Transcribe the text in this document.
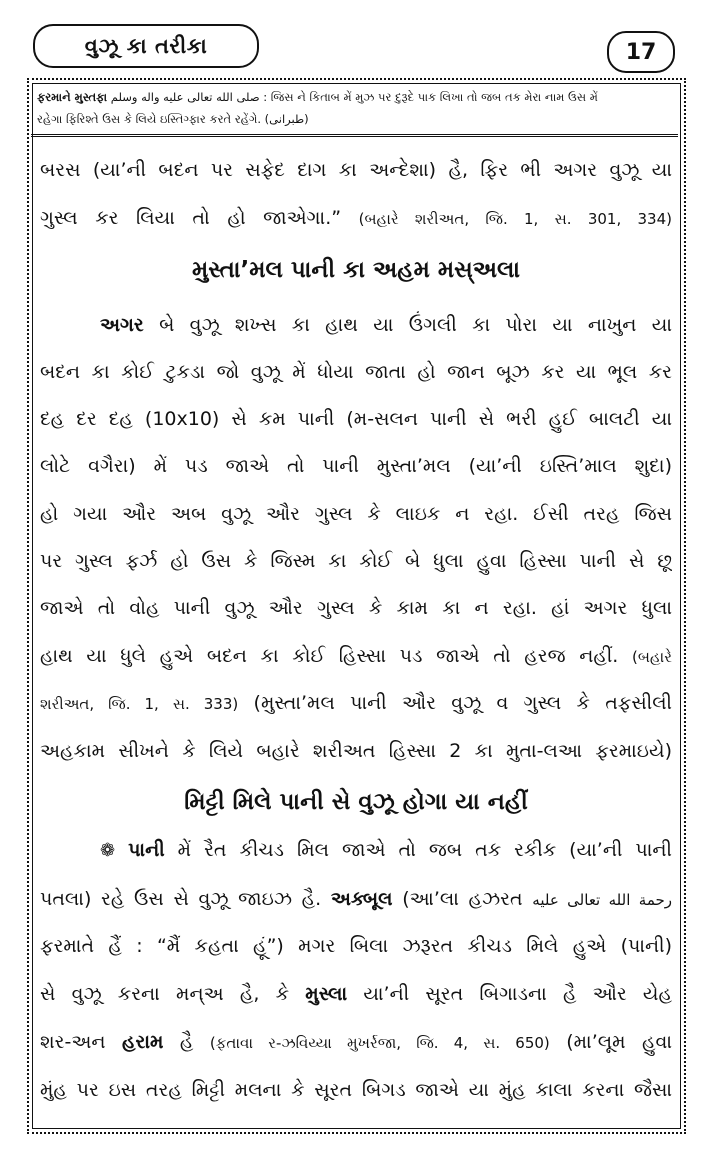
વુઝૂ કા તરીકા	17
ફરમાને મુસ્તફા صلى الله تعالى عليه واله وسلم : જિસ ને કિતાબ મેં મુઝ પર દુરૂદે પાક લિખા તો જબ તક મેરા નામ ઉસ મેં
રહેગા ફિરિશ્તે ઉસ કે લિયે ઇસ્તિગ્ફાર કરતે રહેંગે. (طبرانی)
બરસ (યા’ની બદન પર સફેદ દાગ કા અન્દેશા) હૈ, ફિર ભી અગર વુઝૂ યા
ગુસ્લ કર લિયા તો હો જાએગા.” (બહારે શરીઅત, જિ. 1, સ. 301, 334)
મુસ્તા’મલ પાની કા અહમ મસ્અલા
અગર બે વુઝૂ શખ્સ કા હાથ યા ઉંગલી કા પોરા યા નાખુન યા
બદન કા કોઈ ટુકડા જો વુઝૂ મેં ધોયા જાતા હો જાન બૂઝ કર યા ભૂલ કર
દહ દર દહ (10x10) સે કમ પાની (મ-સલન પાની સે ભરી હુઈ બાલટી યા
લોટે વગૈરા) મેં પડ જાએ તો પાની મુસ્તા’મલ (યા’ની ઇસ્તિ’માલ શુદા)
હો ગયા ઔર અબ વુઝૂ ઔર ગુસ્લ કે લાઇક ન રહા. ઈસી તરહ જિસ
પર ગુસ્લ ફર્ઝ હો ઉસ કે જિસ્મ કા કોઈ બે ધુલા હુવા હિસ્સા પાની સે છૂ
જાએ તો વોહ પાની વુઝૂ ઔર ગુસ્લ કે કામ કા ન રહા. હાં અગર ધુલા
હાથ યા ધુલે હુએ બદન કા કોઈ હિસ્સા પડ જાએ તો હરજ નહીં. (બહારે
શરીઅત, જિ. 1, સ. 333) (મુસ્તા’મલ પાની ઔર વુઝૂ વ ગુસ્લ કે તફસીલી
અહકામ સીખને કે લિયે બહારે શરીઅત હિસ્સા 2 કા મુતા-લઆ ફરમાઇયે)
મિટ્ટી મિલે પાની સે વુઝૂ હોગા યા નહીં
❁ પાની મેં રૈત કીચડ મિલ જાએ તો જબ તક રકીક (યા’ની પાની
પતલા) રહે ઉસ સે વુઝૂ જાઇઝ હૈ. અક્બૂલ (આ’લા હઝરત رحمة الله تعالى عليه
ફરમાતે હૈં : “મૈં કહતા હૂં”) મગર બિલા ઝરૂરત કીચડ મિલે હુએ (પાની)
સે વુઝૂ કરના મન્અ હૈ, કે મુસ્લા યા’ની સૂરત બિગાડના હૈ ઔર યેહ
શર-અન હરામ હૈ (ફતાવા ર-ઝવિય્યા મુખર્રજા, જિ. 4, સ. 650) (મા’લૂમ હુવા
મુંહ પર ઇસ તરહ મિટ્ટી મલના કે સૂરત બિગડ જાએ યા મુંહ કાલા કરના જૈસા
